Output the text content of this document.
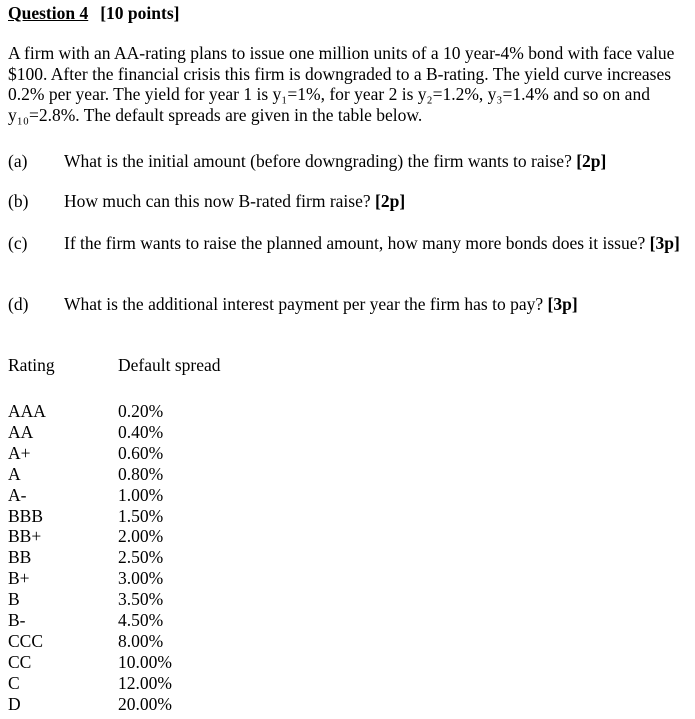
Question 4 [10 points]
A firm with an AA-rating plans to issue one million units of a 10 year-4% bond with face value $100. After the financial crisis this firm is downgraded to a B-rating. The yield curve increases 0.2% per year. The yield for year 1 is y₁=1%, for year 2 is y₂=1.2%, y₃=1.4% and so on and y₁₀=2.8%. The default spreads are given in the table below.
(a) What is the initial amount (before downgrading) the firm wants to raise? [2p]
(b) How much can this now B-rated firm raise? [2p]
(c) If the firm wants to raise the planned amount, how many more bonds does it issue? [3p]
(d) What is the additional interest payment per year the firm has to pay? [3p]
Rating	Default spread
AAA	0.20%
AA	0.40%
A+	0.60%
A	0.80%
A-	1.00%
BBB	1.50%
BB+	2.00%
BB	2.50%
B+	3.00%
B	3.50%
B-	4.50%
CCC	8.00%
CC	10.00%
C	12.00%
D	20.00%
